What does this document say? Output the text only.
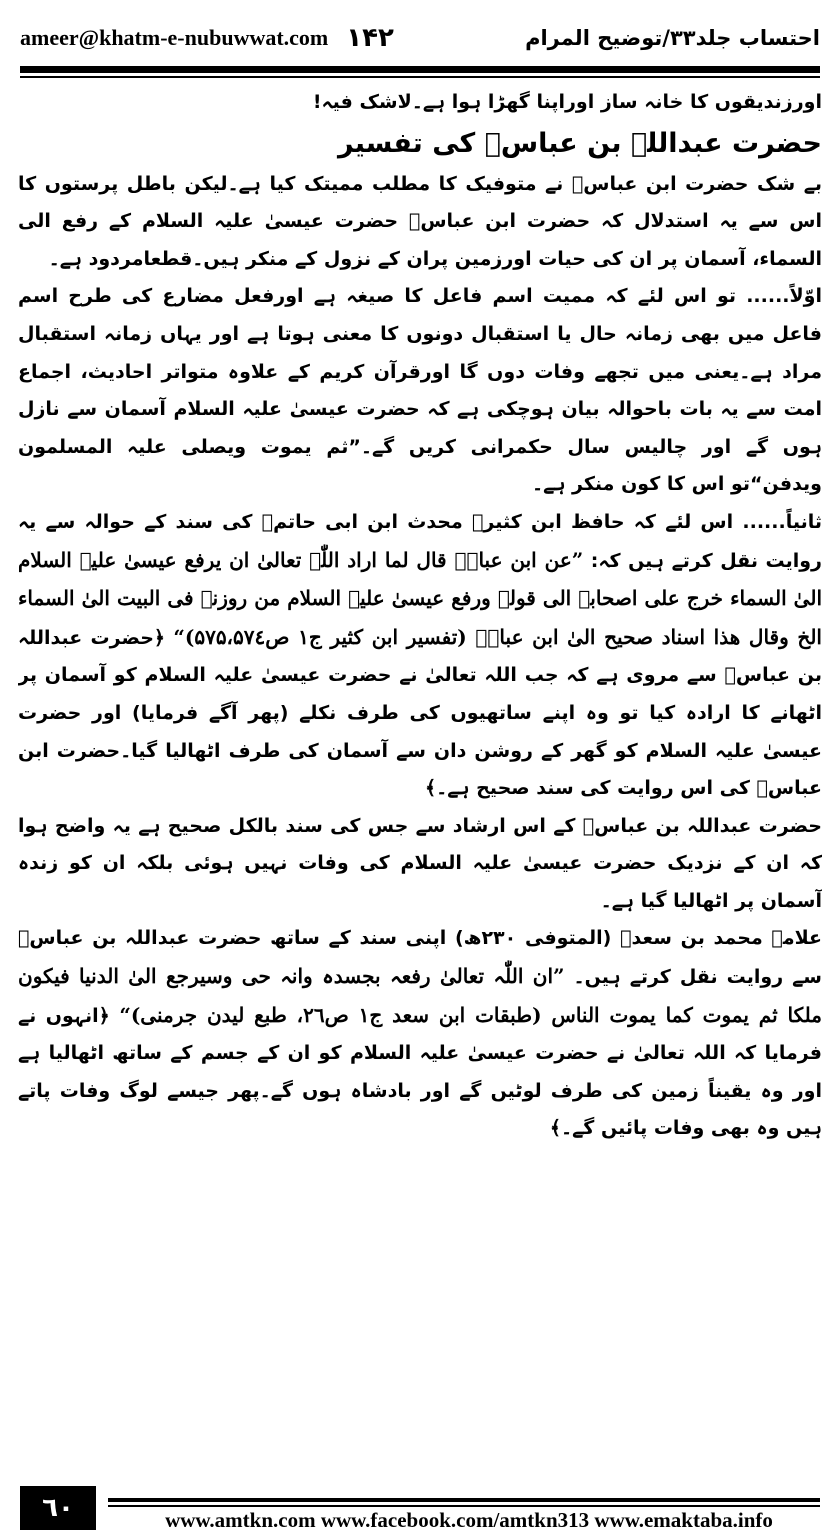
ameer@khatm-e-nubuwwat.com ۱۴۲	احتساب جلد۳۳/توضیح المرام

اورزندیقوں کا خانہ ساز اوراپنا گھڑا ہوا ہے۔لاشک فیہ!

حضرت عبداللہ بن عباسؓ کی تفسیر

بے شک حضرت ابن عباسؓ نے متوفیک کا مطلب ممیتک کیا ہے۔لیکن باطل پرستوں کا اس سے یہ استدلال کہ حضرت ابن عباسؓ حضرت عیسیٰ علیہ السلام کے رفع الی السماء، آسمان پر ان کی حیات اورزمین پران کے نزول کے منکر ہیں۔قطعامردود ہے۔

اوّلاً...... تو اس لئے کہ ممیت اسم فاعل کا صیغہ ہے اورفعل مضارع کی طرح اسم فاعل میں بھی زمانہ حال یا استقبال دونوں کا معنی ہوتا ہے اور یہاں زمانہ استقبال مراد ہے۔یعنی میں تجھے وفات دوں گا اورقرآن کریم کے علاوہ متواتر احادیث، اجماع امت سے یہ بات باحوالہ بیان ہوچکی ہے کہ حضرت عیسیٰ علیہ السلام آسمان سے نازل ہوں گے اور چالیس سال حکمرانی کریں گے۔”ثم یموت ویصلی علیہ المسلمون ویدفن“تو اس کا کون منکر ہے۔

ثانیاً...... اس لئے کہ حافظ ابن کثیرؒ محدث ابن ابی حاتمؒ کی سند کے حوالہ سے یہ روایت نقل کرتے ہیں کہ: ”عن ابن عباسؓ قال لما اراد اللّٰہ تعالیٰ ان یرفع عیسیٰ علیہ السلام الیٰ السماء خرج علی اصحابہ الی قولہ ورفع عیسیٰ علیہ السلام من روزنۃ فی البیت الیٰ السماء الخ وقال ھذا اسناد صحیح الیٰ ابن عباسؓ (تفسیر ابن کثیر ج۱ ص۵۷۵،۵۷٤)“ ﴿حضرت عبداللہ بن عباسؓ سے مروی ہے کہ جب اللہ تعالیٰ نے حضرت عیسیٰ علیہ السلام کو آسمان پر اٹھانے کا ارادہ کیا تو وہ اپنے ساتھیوں کی طرف نکلے (پھر آگے فرمایا) اور حضرت عیسیٰ علیہ السلام کو گھر کے روشن دان سے آسمان کی طرف اٹھالیا گیا۔حضرت ابن عباسؓ کی اس روایت کی سند صحیح ہے۔﴾

حضرت عبداللہ بن عباسؓ کے اس ارشاد سے جس کی سند بالکل صحیح ہے یہ واضح ہوا کہ ان کے نزدیک حضرت عیسیٰ علیہ السلام کی وفات نہیں ہوئی بلکہ ان کو زندہ آسمان پر اٹھالیا گیا ہے۔

علامہ محمد بن سعدؒ (المتوفی ۲۳۰ھ) اپنی سند کے ساتھ حضرت عبداللہ بن عباسؓ سے روایت نقل کرتے ہیں۔ ”ان اللّٰہ تعالیٰ رفعہ بجسدہ وانہ حی وسیرجع الیٰ الدنیا فیکون ملکا ثم یموت کما یموت الناس (طبقات ابن سعد ج۱ ص۲٦، طبع لیدن جرمنی)“ ﴿انہوں نے فرمایا کہ اللہ تعالیٰ نے حضرت عیسیٰ علیہ السلام کو ان کے جسم کے ساتھ اٹھالیا ہے اور وہ یقیناً زمین کی طرف لوٹیں گے اور بادشاہ ہوں گے۔پھر جیسے لوگ وفات پاتے ہیں وہ بھی وفات پائیں گے۔﴾

٦٠	www.amtkn.com www.facebook.com/amtkn313 www.emaktaba.info
